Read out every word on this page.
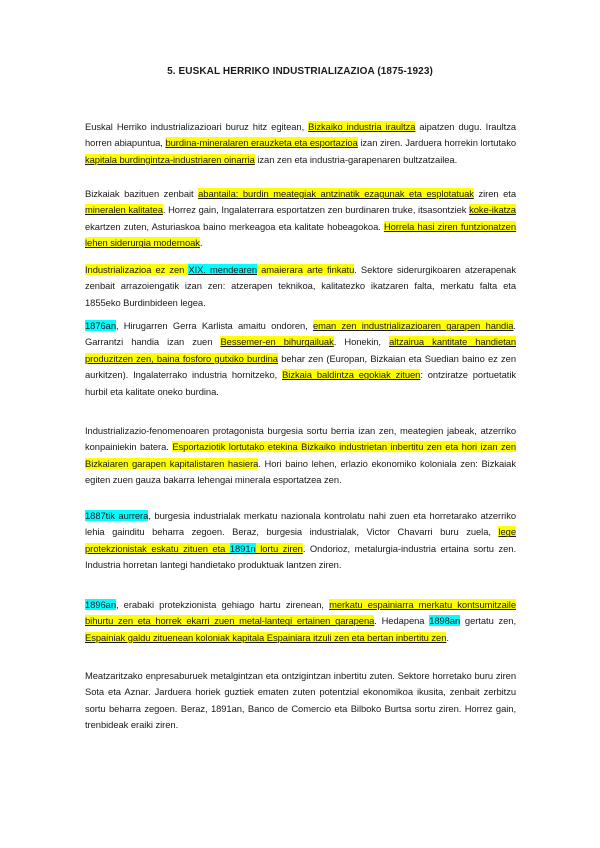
5. EUSKAL HERRIKO INDUSTRIALIZAZIOA (1875-1923)
Euskal Herriko industrializazioari buruz hitz egitean, Bizkaiko industria iraultza aipatzen dugu. Iraultza horren abiapuntua, burdina-mineralaren erauzketa eta esportazioa izan ziren. Jarduera horrekin lortutako kapitala burdingintza-industriaren oinarria izan zen eta industria-garapenaren bultzatzailea.
Bizkaiak bazituen zenbait abantaila: burdin meategiak antzinatik ezagunak eta esplotatuak ziren eta mineralen kalitatea. Horrez gain, Ingalaterrara esportatzen zen burdinaren truke, itsasontziek koke-ikatza ekartzen zuten, Asturiaskoa baino merkeagoa eta kalitate hobeagokoa. Horrela hasi ziren funtzionatzen lehen siderurgia modernoak.
Industrializazioa ez zen XIX. mendearen amaierara arte finkatu. Sektore siderurgikoaren atzerapenak zenbait arrazoiengatik izan zen: atzerapen teknikoa, kalitatezko ikatzaren falta, merkatu falta eta 1855eko Burdinbideen legea.
1876an, Hirugarren Gerra Karlista amaitu ondoren, eman zen industrializazioaren garapen handia. Garrantzi handia izan zuen Bessemer-en bihurgailuak. Honekin, altzairua kantitate handietan produzitzen zen, baina fosforo gutxiko burdina behar zen (Europan, Bizkaian eta Suedian baino ez zen aurkitzen). Ingalaterrako industria hornitzeko, Bizkaia baldintza egokiak zituen: ontziratze portuetatik hurbil eta kalitate oneko burdina.
Industrializazio-fenomenoaren protagonista burgesia sortu berria izan zen, meategien jabeak, atzerriko konpainiekin batera. Esportaziotik lortutako etekina Bizkaiko industrietan inbertitu zen eta hori izan zen Bizkaiaren garapen kapitalistaren hasiera. Hori baino lehen, erlazio ekonomiko koloniala zen: Bizkaiak egiten zuen gauza bakarra lehengai minerala esportatzea zen.
1887tik aurrera, burgesia industrialak merkatu nazionala kontrolatu nahi zuen eta horretarako atzerriko lehia gainditu beharra zegoen. Beraz, burgesia industrialak, Victor Chavarri buru zuela, lege protekzionistak eskatu zituen eta 1891n lortu ziren. Ondorioz, metalurgia-industria ertaina sortu zen. Industria horretan lantegi handietako produktuak lantzen ziren.
1896an, erabaki protekzionista gehiago hartu zirenean, merkatu espainiarra merkatu kontsumitzaile bihurtu zen eta horrek ekarri zuen metal-lantegi ertainen garapena. Hedapena 1898an gertatu zen, Espainiak galdu zituenean koloniak kapitala Espainiara itzuli zen eta bertan inbertitu zen.
Meatzaritzako enpresaburuek metalgintzan eta ontzigintzan inbertitu zuten. Sektore horretako buru ziren Sota eta Aznar. Jarduera horiek guztiek ematen zuten potentzial ekonomikoa ikusita, zenbait zerbitzu sortu beharra zegoen. Beraz, 1891an, Banco de Comercio eta Bilboko Burtsa sortu ziren. Horrez gain, trenbideak eraiki ziren.
